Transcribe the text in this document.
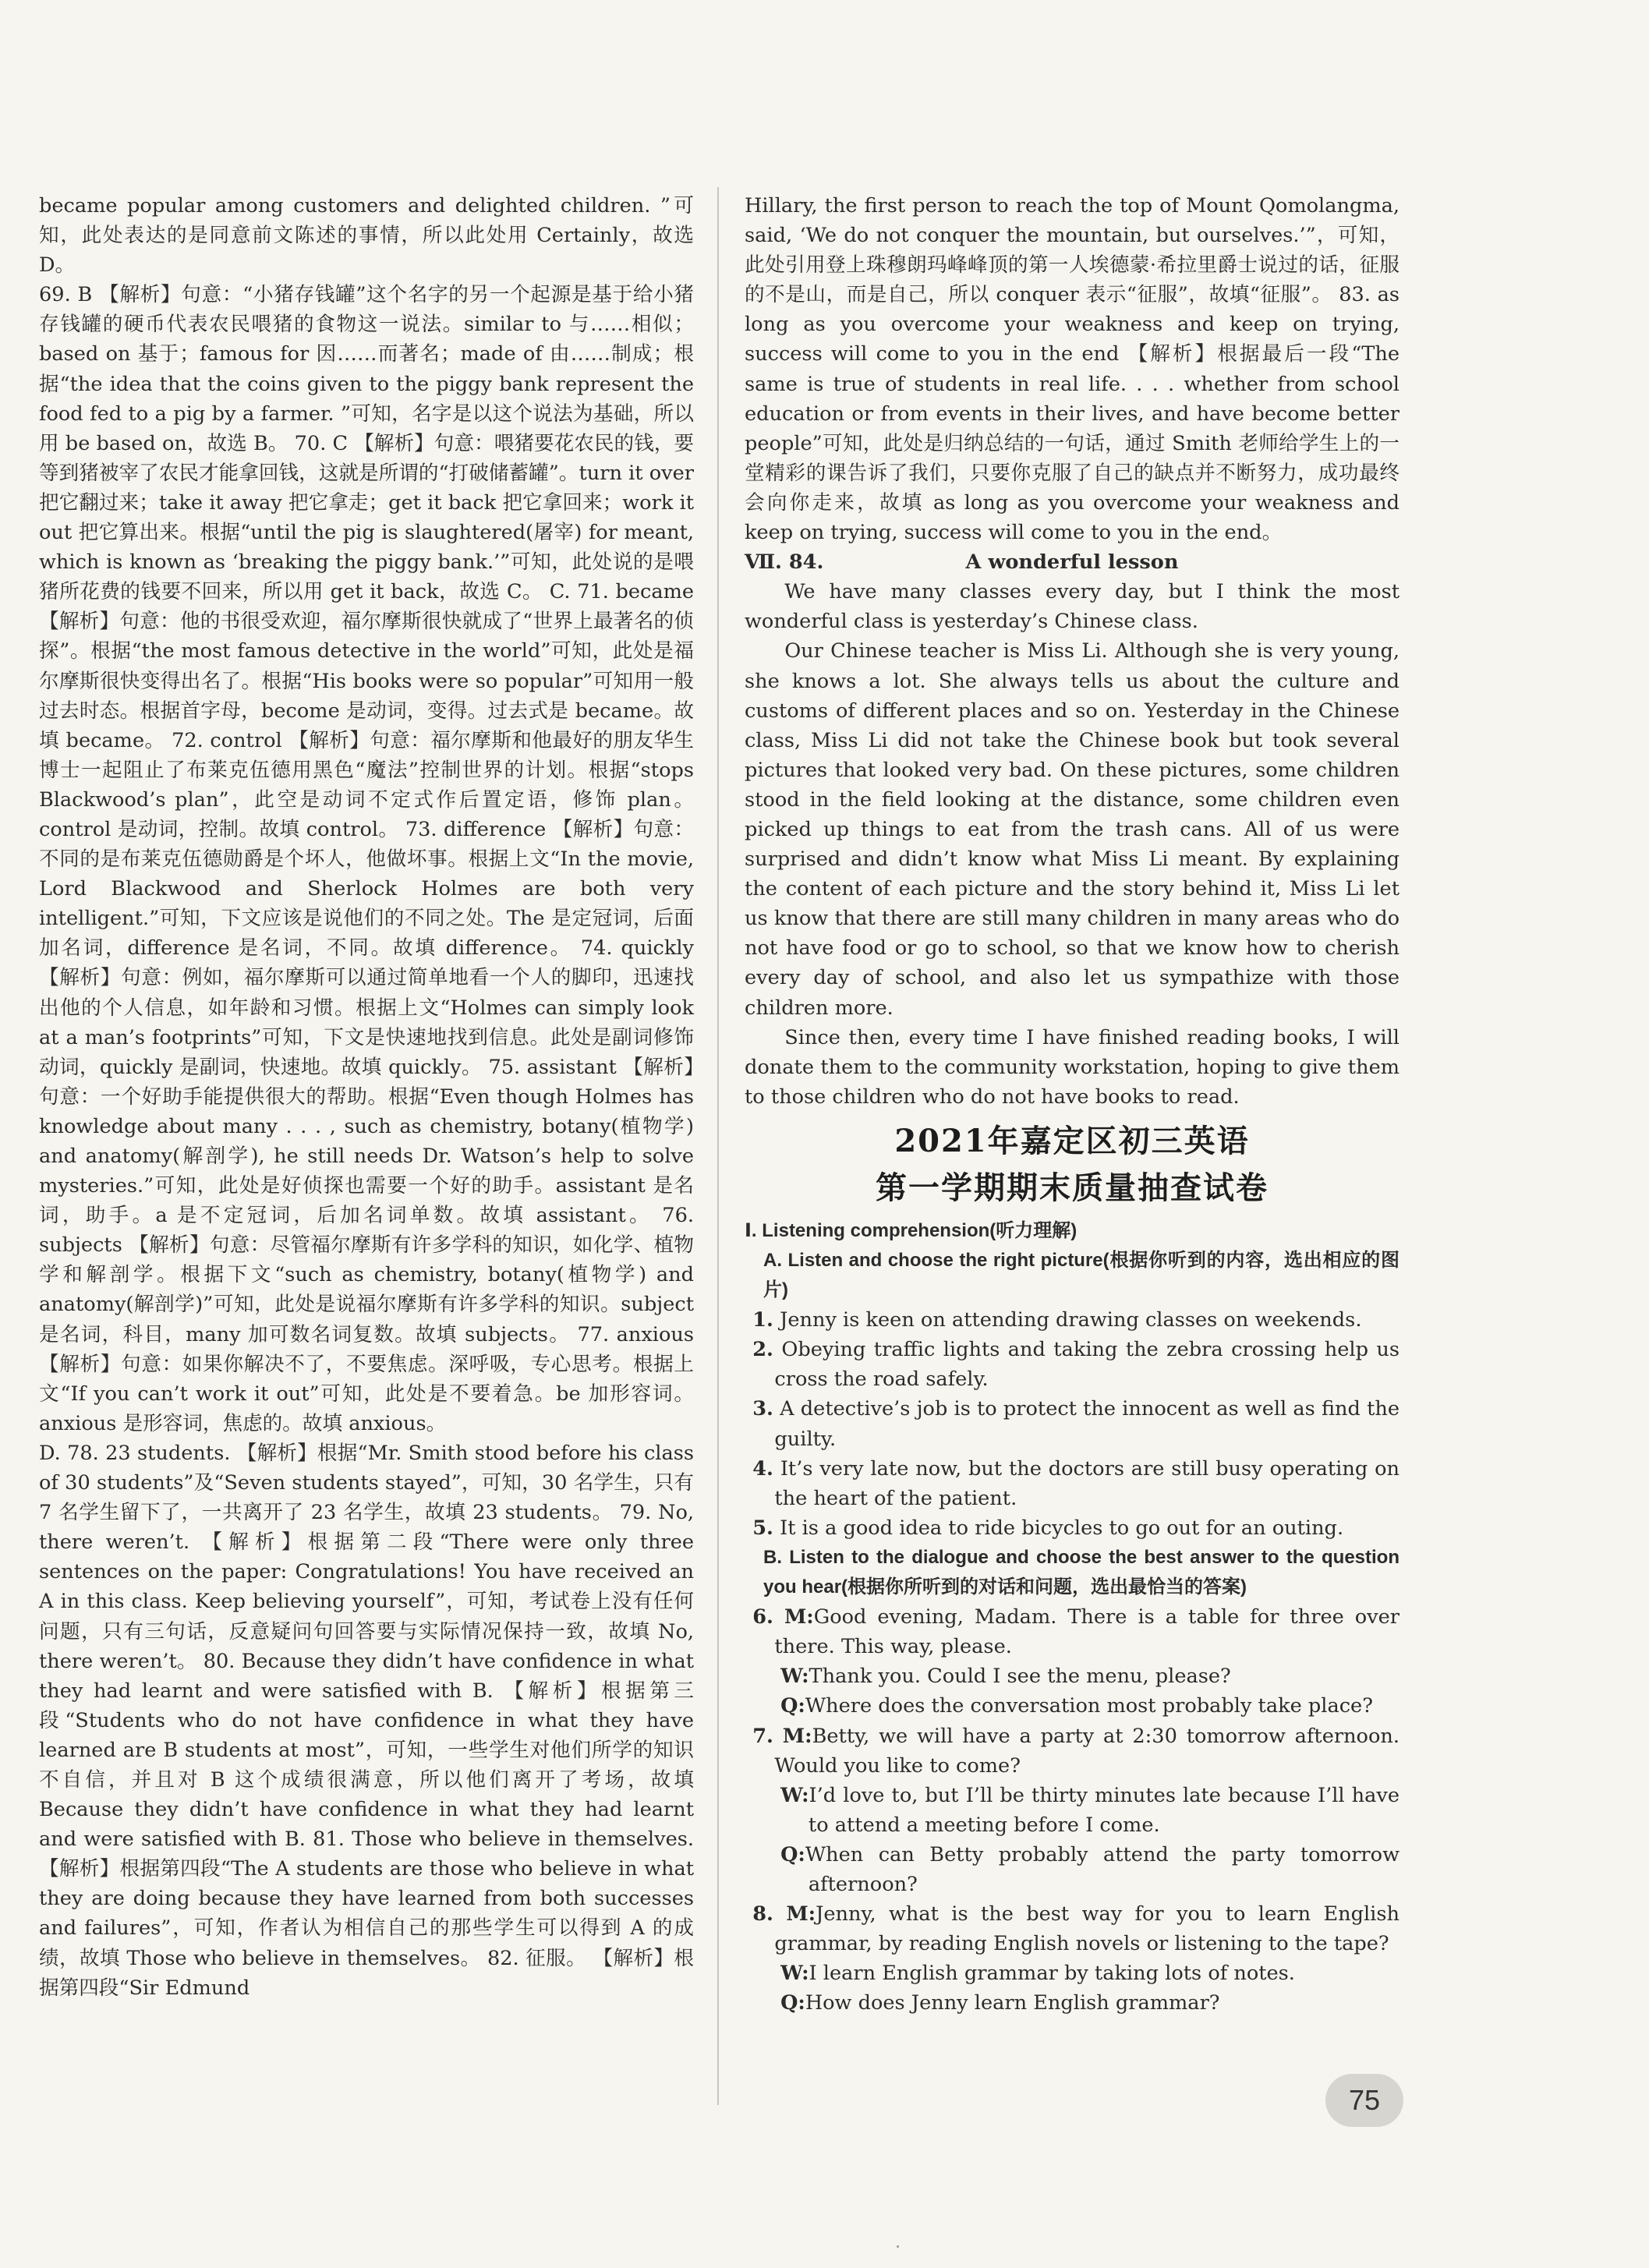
became popular among customers and delighted children. ”可知，此处表达的是同意前文陈述的事情，所以此处用 Certainly，故选 D。

69. B 【解析】句意：“小猪存钱罐”这个名字的另一个起源是基于给小猪存钱罐的硬币代表农民喂猪的食物这一说法。similar to 与……相似；based on 基于；famous for 因……而著名；made of 由……制成；根据“the idea that the coins given to the piggy bank represent the food fed to a pig by a farmer. ”可知，名字是以这个说法为基础，所以用 be based on，故选 B。 70. C 【解析】句意：喂猪要花农民的钱，要等到猪被宰了农民才能拿回钱，这就是所谓的“打破储蓄罐”。turn it over 把它翻过来；take it away 把它拿走；get it back 把它拿回来；work it out 把它算出来。根据“until the pig is slaughtered(屠宰) for meant, which is known as ‘breaking the piggy bank.’”可知，此处说的是喂猪所花费的钱要不回来，所以用 get it back，故选 C。 C. 71. became 【解析】句意：他的书很受欢迎，福尔摩斯很快就成了“世界上最著名的侦探”。根据“the most famous detective in the world”可知，此处是福尔摩斯很快变得出名了。根据“His books were so popular”可知用一般过去时态。根据首字母，become 是动词，变得。过去式是 became。故填 became。 72. control 【解析】句意：福尔摩斯和他最好的朋友华生博士一起阻止了布莱克伍德用黑色“魔法”控制世界的计划。根据“stops Blackwood’s plan”，此空是动词不定式作后置定语，修饰 plan。control 是动词，控制。故填 control。 73. difference 【解析】句意：不同的是布莱克伍德勋爵是个坏人，他做坏事。根据上文“In the movie, Lord Blackwood and Sherlock Holmes are both very intelligent.”可知，下文应该是说他们的不同之处。The 是定冠词，后面加名词，difference 是名词，不同。故填 difference。 74. quickly 【解析】句意：例如，福尔摩斯可以通过简单地看一个人的脚印，迅速找出他的个人信息，如年龄和习惯。根据上文“Holmes can simply look at a man’s footprints”可知，下文是快速地找到信息。此处是副词修饰动词，quickly 是副词，快速地。故填 quickly。 75. assistant 【解析】句意：一个好助手能提供很大的帮助。根据“Even though Holmes has knowledge about many . . . , such as chemistry, botany(植物学) and anatomy(解剖学), he still needs Dr. Watson’s help to solve mysteries.”可知，此处是好侦探也需要一个好的助手。assistant 是名词，助手。a 是不定冠词，后加名词单数。故填 assistant。 76. subjects 【解析】句意：尽管福尔摩斯有许多学科的知识，如化学、植物学和解剖学。根据下文“such as chemistry, botany(植物学) and anatomy(解剖学)”可知，此处是说福尔摩斯有许多学科的知识。subject 是名词，科目，many 加可数名词复数。故填 subjects。 77. anxious 【解析】句意：如果你解决不了，不要焦虑。深呼吸，专心思考。根据上文“If you can’t work it out”可知，此处是不要着急。be 加形容词。anxious 是形容词，焦虑的。故填 anxious。

D. 78. 23 students. 【解析】根据“Mr. Smith stood before his class of 30 students”及“Seven students stayed”，可知，30 名学生，只有 7 名学生留下了，一共离开了 23 名学生，故填 23 students。 79. No, there weren’t. 【解析】根据第二段“There were only three sentences on the paper: Congratulations! You have received an A in this class. Keep believing yourself”，可知，考试卷上没有任何问题，只有三句话，反意疑问句回答要与实际情况保持一致，故填 No, there weren’t。 80. Because they didn’t have confidence in what they had learnt and were satisfied with B. 【解析】根据第三段“Students who do not have confidence in what they have learned are B students at most”，可知，一些学生对他们所学的知识不自信，并且对 B 这个成绩很满意，所以他们离开了考场，故填 Because they didn’t have confidence in what they had learnt and were satisfied with B. 81. Those who believe in themselves. 【解析】根据第四段“The A students are those who believe in what they are doing because they have learned from both successes and failures”，可知，作者认为相信自己的那些学生可以得到 A 的成绩，故填 Those who believe in themselves。 82. 征服。 【解析】根据第四段“Sir Edmund

Hillary, the first person to reach the top of Mount Qomolangma, said, ‘We do not conquer the mountain, but ourselves.’”，可知，此处引用登上珠穆朗玛峰峰顶的第一人埃德蒙·希拉里爵士说过的话，征服的不是山，而是自己，所以 conquer 表示“征服”，故填“征服”。 83. as long as you overcome your weakness and keep on trying, success will come to you in the end 【解析】根据最后一段“The same is true of students in real life. . . . whether from school education or from events in their lives, and have become better people”可知，此处是归纳总结的一句话，通过 Smith 老师给学生上的一堂精彩的课告诉了我们，只要你克服了自己的缺点并不断努力，成功最终会向你走来，故填 as long as you overcome your weakness and keep on trying, success will come to you in the end。

Ⅶ. 84.	A wonderful lesson

We have many classes every day, but I think the most wonderful class is yesterday’s Chinese class.

Our Chinese teacher is Miss Li. Although she is very young, she knows a lot. She always tells us about the culture and customs of different places and so on. Yesterday in the Chinese class, Miss Li did not take the Chinese book but took several pictures that looked very bad. On these pictures, some children stood in the field looking at the distance, some children even picked up things to eat from the trash cans. All of us were surprised and didn’t know what Miss Li meant. By explaining the content of each picture and the story behind it, Miss Li let us know that there are still many children in many areas who do not have food or go to school, so that we know how to cherish every day of school, and also let us sympathize with those children more.

Since then, every time I have finished reading books, I will donate them to the community workstation, hoping to give them to those children who do not have books to read.

2021年嘉定区初三英语
第一学期期末质量抽查试卷

Ⅰ. Listening comprehension(听力理解)

A. Listen and choose the right picture(根据你听到的内容，选出相应的图片)

1. Jenny is keen on attending drawing classes on weekends.

2. Obeying traffic lights and taking the zebra crossing help us cross the road safely.

3. A detective’s job is to protect the innocent as well as find the guilty.

4. It’s very late now, but the doctors are still busy operating on the heart of the patient.

5. It is a good idea to ride bicycles to go out for an outing.

B. Listen to the dialogue and choose the best answer to the question you hear(根据你所听到的对话和问题，选出最恰当的答案)

6. M:Good evening, Madam. There is a table for three over there. This way, please.

W:Thank you. Could I see the menu, please?

Q:Where does the conversation most probably take place?

7. M:Betty, we will have a party at 2:30 tomorrow afternoon. Would you like to come?

W:I’d love to, but I’ll be thirty minutes late because I’ll have to attend a meeting before I come.

Q:When can Betty probably attend the party tomorrow afternoon?

8. M:Jenny, what is the best way for you to learn English grammar, by reading English novels or listening to the tape?

W:I learn English grammar by taking lots of notes.

Q:How does Jenny learn English grammar?

75
